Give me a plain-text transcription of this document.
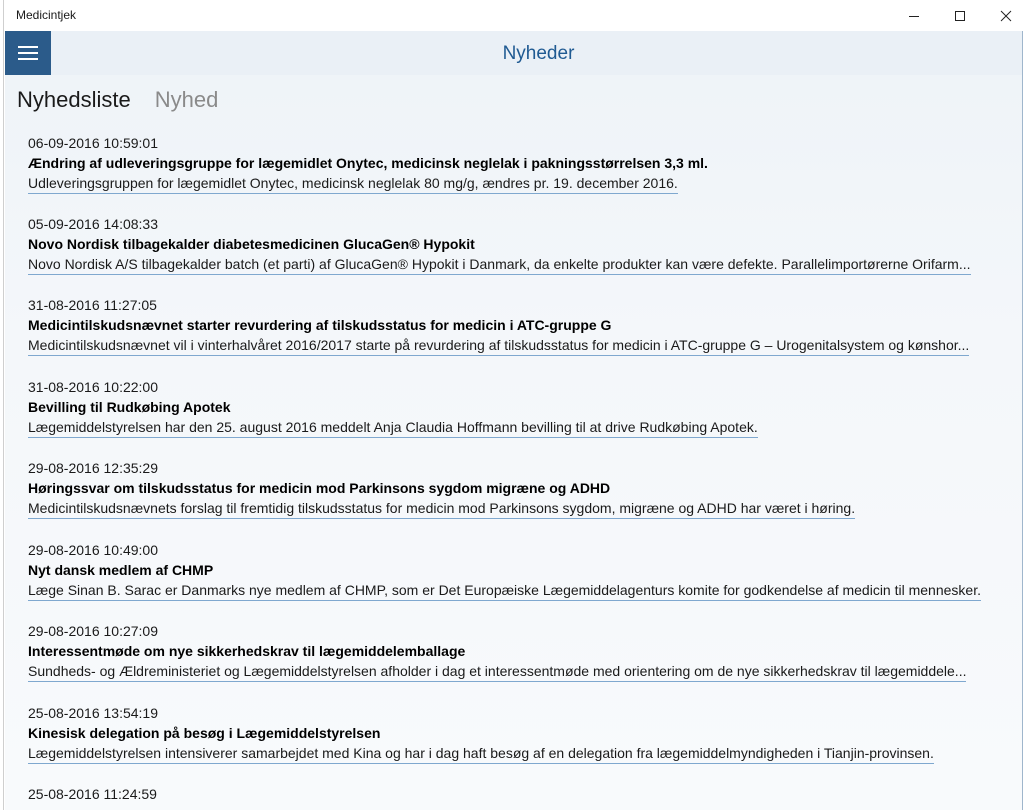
Medicintjek
Nyheder
Nyhedsliste Nyhed
06-09-2016 10:59:01
Ændring af udleveringsgruppe for lægemidlet Onytec, medicinsk neglelak i pakningsstørrelsen 3,3 ml.
Udleveringsgruppen for lægemidlet Onytec, medicinsk neglelak 80 mg/g, ændres pr. 19. december 2016.
05-09-2016 14:08:33
Novo Nordisk tilbagekalder diabetesmedicinen GlucaGen® Hypokit
Novo Nordisk A/S tilbagekalder batch (et parti) af GlucaGen® Hypokit i Danmark, da enkelte produkter kan være defekte. Parallelimportørerne Orifarm...
31-08-2016 11:27:05
Medicintilskudsnævnet starter revurdering af tilskudsstatus for medicin i ATC-gruppe G
Medicintilskudsnævnet vil i vinterhalvåret 2016/2017 starte på revurdering af tilskudsstatus for medicin i ATC-gruppe G – Urogenitalsystem og kønshor...
31-08-2016 10:22:00
Bevilling til Rudkøbing Apotek
Lægemiddelstyrelsen har den 25. august 2016 meddelt Anja Claudia Hoffmann bevilling til at drive Rudkøbing Apotek.
29-08-2016 12:35:29
Høringssvar om tilskudsstatus for medicin mod Parkinsons sygdom migræne og ADHD
Medicintilskudsnævnets forslag til fremtidig tilskudsstatus for medicin mod Parkinsons sygdom, migræne og ADHD har været i høring.
29-08-2016 10:49:00
Nyt dansk medlem af CHMP
Læge Sinan B. Sarac er Danmarks nye medlem af CHMP, som er Det Europæiske Lægemiddelagenturs komite for godkendelse af medicin til mennesker.
29-08-2016 10:27:09
Interessentmøde om nye sikkerhedskrav til lægemiddelemballage
Sundheds- og Ældreministeriet og Lægemiddelstyrelsen afholder i dag et interessentmøde med orientering om de nye sikkerhedskrav til lægemiddele...
25-08-2016 13:54:19
Kinesisk delegation på besøg i Lægemiddelstyrelsen
Lægemiddelstyrelsen intensiverer samarbejdet med Kina og har i dag haft besøg af en delegation fra lægemiddelmyndigheden i Tianjin-provinsen.
25-08-2016 11:24:59
